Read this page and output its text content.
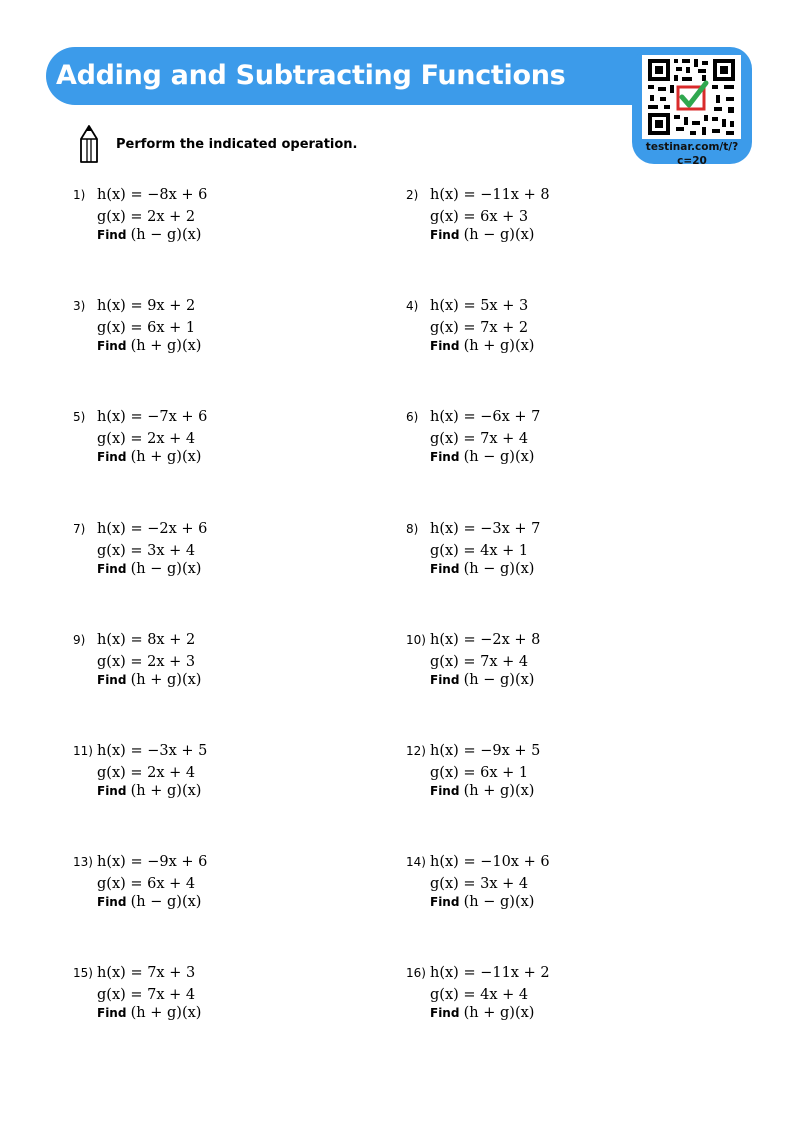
Adding and Subtracting Functions
testinar.com/t/?c=20
Perform the indicated operation.
1) h(x) = −8x + 6
g(x) = 2x + 2
Find (h − g)(x)
2) h(x) = −11x + 8
g(x) = 6x + 3
Find (h − g)(x)
3) h(x) = 9x + 2
g(x) = 6x + 1
Find (h + g)(x)
4) h(x) = 5x + 3
g(x) = 7x + 2
Find (h + g)(x)
5) h(x) = −7x + 6
g(x) = 2x + 4
Find (h + g)(x)
6) h(x) = −6x + 7
g(x) = 7x + 4
Find (h − g)(x)
7) h(x) = −2x + 6
g(x) = 3x + 4
Find (h − g)(x)
8) h(x) = −3x + 7
g(x) = 4x + 1
Find (h − g)(x)
9) h(x) = 8x + 2
g(x) = 2x + 3
Find (h + g)(x)
10) h(x) = −2x + 8
g(x) = 7x + 4
Find (h − g)(x)
11) h(x) = −3x + 5
g(x) = 2x + 4
Find (h + g)(x)
12) h(x) = −9x + 5
g(x) = 6x + 1
Find (h + g)(x)
13) h(x) = −9x + 6
g(x) = 6x + 4
Find (h − g)(x)
14) h(x) = −10x + 6
g(x) = 3x + 4
Find (h − g)(x)
15) h(x) = 7x + 3
g(x) = 7x + 4
Find (h + g)(x)
16) h(x) = −11x + 2
g(x) = 4x + 4
Find (h + g)(x)
